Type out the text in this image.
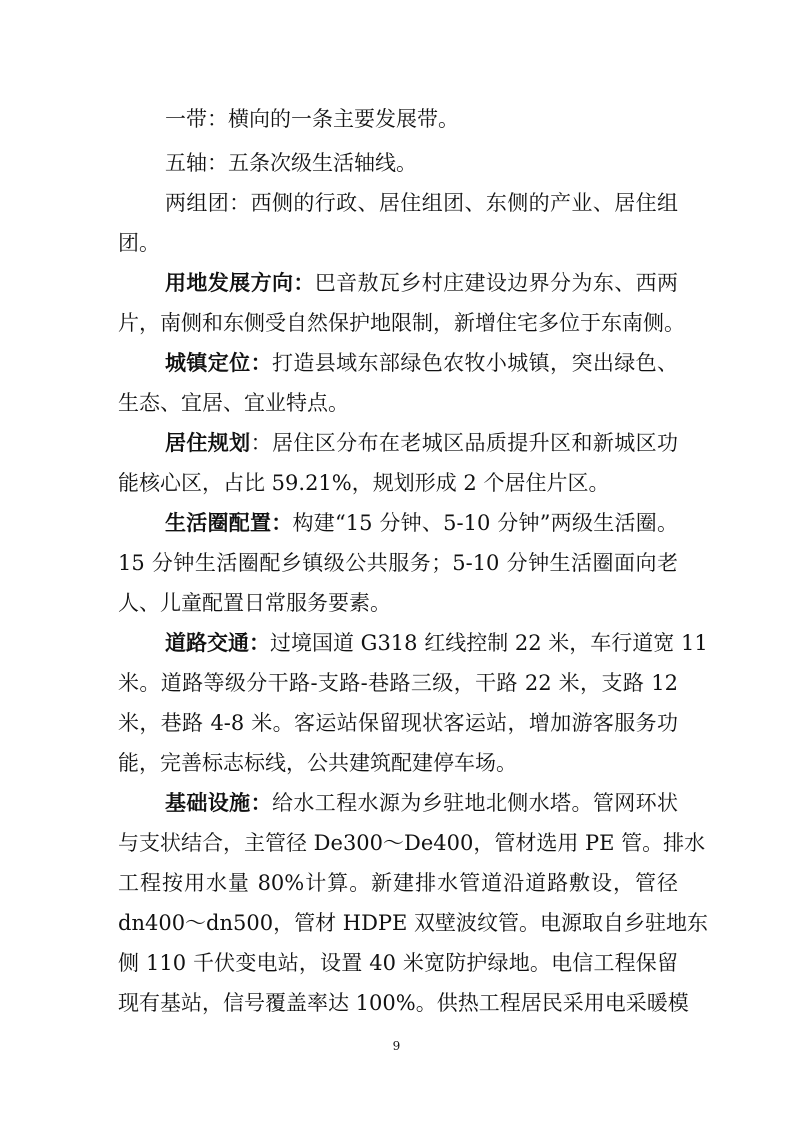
一带：横向的一条主要发展带。
五轴：五条次级生活轴线。
两组团：西侧的行政、居住组团、东侧的产业、居住组
团。
用地发展方向：巴音敖瓦乡村庄建设边界分为东、西两
片，南侧和东侧受自然保护地限制，新增住宅多位于东南侧。
城镇定位：打造县域东部绿色农牧小城镇，突出绿色、
生态、宜居、宜业特点。
居住规划：居住区分布在老城区品质提升区和新城区功
能核心区，占比 59.21%，规划形成 2 个居住片区。
生活圈配置：构建“15 分钟、5-10 分钟”两级生活圈。
15 分钟生活圈配乡镇级公共服务；5-10 分钟生活圈面向老
人、儿童配置日常服务要素。
道路交通：过境国道 G318 红线控制 22 米，车行道宽 11
米。道路等级分干路-支路-巷路三级，干路 22 米，支路 12
米，巷路 4-8 米。客运站保留现状客运站，增加游客服务功
能，完善标志标线，公共建筑配建停车场。
基础设施：给水工程水源为乡驻地北侧水塔。管网环状
与支状结合，主管径 De300～De400，管材选用 PE 管。排水
工程按用水量 80%计算。新建排水管道沿道路敷设，管径
dn400～dn500，管材 HDPE 双壁波纹管。电源取自乡驻地东
侧 110 千伏变电站，设置 40 米宽防护绿地。电信工程保留
现有基站，信号覆盖率达 100%。供热工程居民采用电采暖模
9
